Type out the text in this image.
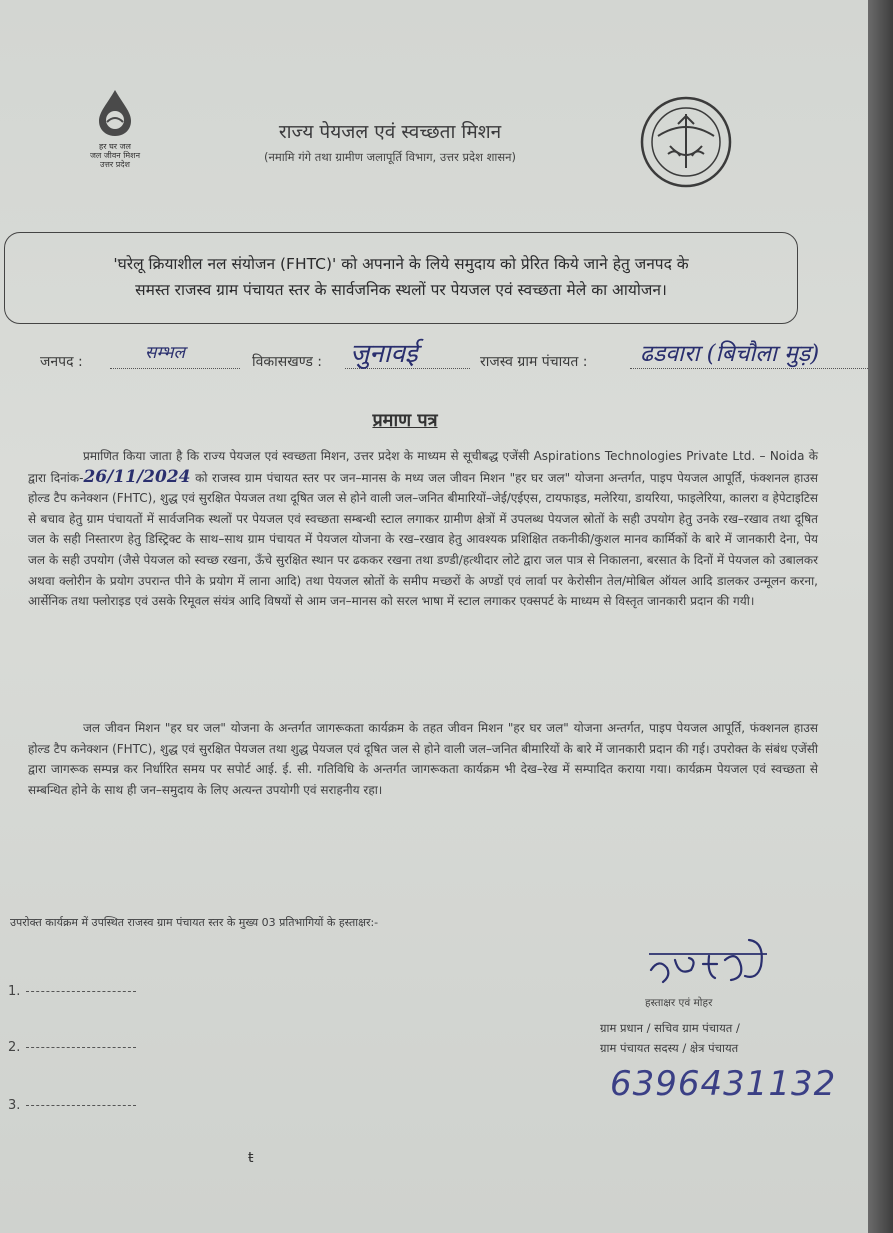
हर घर जल
जल जीवन मिशन
उत्तर प्रदेश
राज्य पेयजल एवं स्वच्छता मिशन
(नमामि गंगे तथा ग्रामीण जलापूर्ति विभाग, उत्तर प्रदेश शासन)
'घरेलू क्रियाशील नल संयोजन (FHTC)' को अपनाने के लिये समुदाय को प्रेरित किये जाने हेतु जनपद के
समस्त राजस्व ग्राम पंचायत स्तर के सार्वजनिक स्थलों पर पेयजल एवं स्वच्छता मेले का आयोजन।
जनपद :	सम्भल	विकासखण्ड : जुनावई	राजस्व ग्राम पंचायत : ढडवारा (बिचौला मुड़)
प्रमाण पत्र
प्रमाणित किया जाता है कि राज्य पेयजल एवं स्वच्छता मिशन, उत्तर प्रदेश के माध्यम से सूचीबद्ध एजेंसी Aspirations Technologies Private Ltd. – Noida के द्वारा दिनांक-26/11/2024 को राजस्व ग्राम पंचायत स्तर पर जन–मानस के मध्य जल जीवन मिशन "हर घर जल" योजना अन्तर्गत, पाइप पेयजल आपूर्ति, फंक्शनल हाउस होल्ड टैप कनेक्शन (FHTC), शुद्ध एवं सुरक्षित पेयजल तथा दूषित जल से होने वाली जल–जनित बीमारियों–जेई/एईएस, टायफाइड, मलेरिया, डायरिया, फाइलेरिया, कालरा व हेपेटाइटिस से बचाव हेतु ग्राम पंचायतों में सार्वजनिक स्थलों पर पेयजल एवं स्वच्छता सम्बन्धी स्टाल लगाकर ग्रामीण क्षेत्रों में उपलब्ध पेयजल स्रोतों के सही उपयोग हेतु उनके रख–रखाव तथा दूषित जल के सही निस्तारण हेतु डिस्ट्रिक्ट के साथ–साथ ग्राम पंचायत में पेयजल योजना के रख–रखाव हेतु आवश्यक प्रशिक्षित तकनीकी/कुशल मानव कार्मिकों के बारे में जानकारी देना, पेय जल के सही उपयोग (जैसे पेयजल को स्वच्छ रखना, ऊँचे सुरक्षित स्थान पर ढककर रखना तथा डण्डी/हत्थीदार लोटे द्वारा जल पात्र से निकालना, बरसात के दिनों में पेयजल को उबालकर अथवा क्लोरीन के प्रयोग उपरान्त पीने के प्रयोग में लाना आदि) तथा पेयजल स्रोतों के समीप मच्छरों के अण्डों एवं लार्वा पर केरोसीन तेल/मोबिल ऑयल आदि डालकर उन्मूलन करना, आर्सेनिक तथा फ्लोराइड एवं उसके रिमूवल संयंत्र आदि विषयों से आम जन–मानस को सरल भाषा में स्टाल लगाकर एक्सपर्ट के माध्यम से विस्तृत जानकारी प्रदान की गयी।
जल जीवन मिशन "हर घर जल" योजना के अन्तर्गत जागरूकता कार्यक्रम के तहत जीवन मिशन "हर घर जल" योजना अन्तर्गत, पाइप पेयजल आपूर्ति, फंक्शनल हाउस होल्ड टैप कनेक्शन (FHTC), शुद्ध एवं सुरक्षित पेयजल तथा शुद्ध पेयजल एवं दूषित जल से होने वाली जल–जनित बीमारियों के बारे में जानकारी प्रदान की गई। उपरोक्त के संबंध एजेंसी द्वारा जागरूक सम्पन्न कर निर्धारित समय पर सपोर्ट आई. ई. सी. गतिविधि के अन्तर्गत जागरूकता कार्यक्रम भी देख–रेख में सम्पादित कराया गया। कार्यक्रम पेयजल एवं स्वच्छता से सम्बन्धित होने के साथ ही जन–समुदाय के लिए अत्यन्त उपयोगी एवं सराहनीय रहा।
उपरोक्त कार्यक्रम में उपस्थित राजस्व ग्राम पंचायत स्तर के मुख्य 03 प्रतिभागियों के हस्ताक्षर:-
1.
2.
3.
हस्ताक्षर एवं मोहर
ग्राम प्रधान / सचिव ग्राम पंचायत /
ग्राम पंचायत सदस्य / क्षेत्र पंचायत
6396431132
ŧ
